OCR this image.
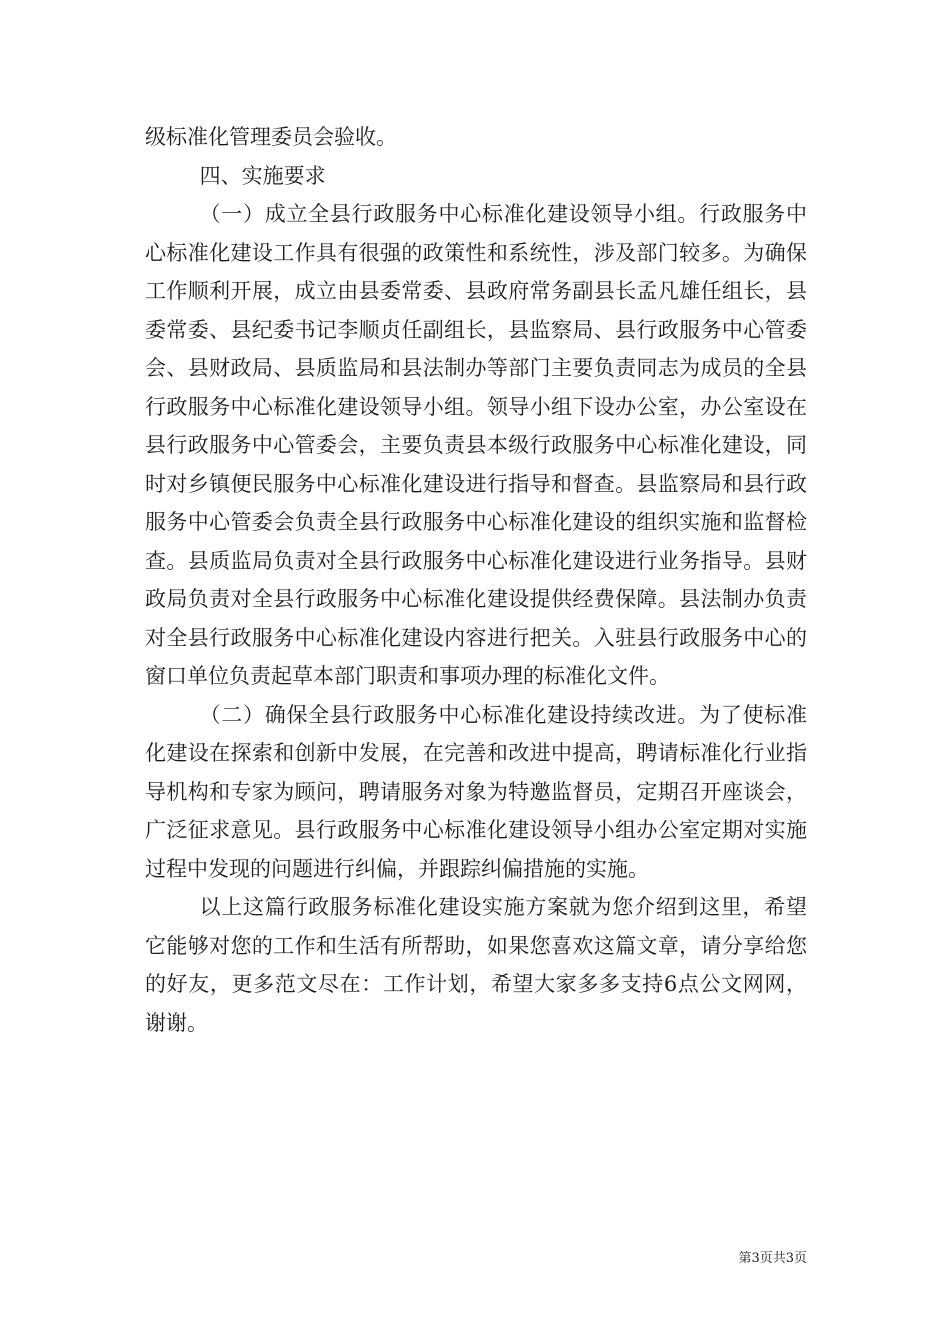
级标准化管理委员会验收。

四、实施要求

（一）成立全县行政服务中心标准化建设领导小组。行政服务中心标准化建设工作具有很强的政策性和系统性，涉及部门较多。为确保工作顺利开展，成立由县委常委、县政府常务副县长孟凡雄任组长，县委常委、县纪委书记李顺贞任副组长，县监察局、县行政服务中心管委会、县财政局、县质监局和县法制办等部门主要负责同志为成员的全县行政服务中心标准化建设领导小组。领导小组下设办公室，办公室设在县行政服务中心管委会，主要负责县本级行政服务中心标准化建设，同时对乡镇便民服务中心标准化建设进行指导和督查。县监察局和县行政服务中心管委会负责全县行政服务中心标准化建设的组织实施和监督检查。县质监局负责对全县行政服务中心标准化建设进行业务指导。县财政局负责对全县行政服务中心标准化建设提供经费保障。县法制办负责对全县行政服务中心标准化建设内容进行把关。入驻县行政服务中心的窗口单位负责起草本部门职责和事项办理的标准化文件。

（二）确保全县行政服务中心标准化建设持续改进。为了使标准化建设在探索和创新中发展，在完善和改进中提高，聘请标准化行业指导机构和专家为顾问，聘请服务对象为特邀监督员，定期召开座谈会，广泛征求意见。县行政服务中心标准化建设领导小组办公室定期对实施过程中发现的问题进行纠偏，并跟踪纠偏措施的实施。

以上这篇行政服务标准化建设实施方案就为您介绍到这里，希望它能够对您的工作和生活有所帮助，如果您喜欢这篇文章，请分享给您的好友，更多范文尽在：工作计划，希望大家多多支持6点公文网网，谢谢。

第3页共3页
